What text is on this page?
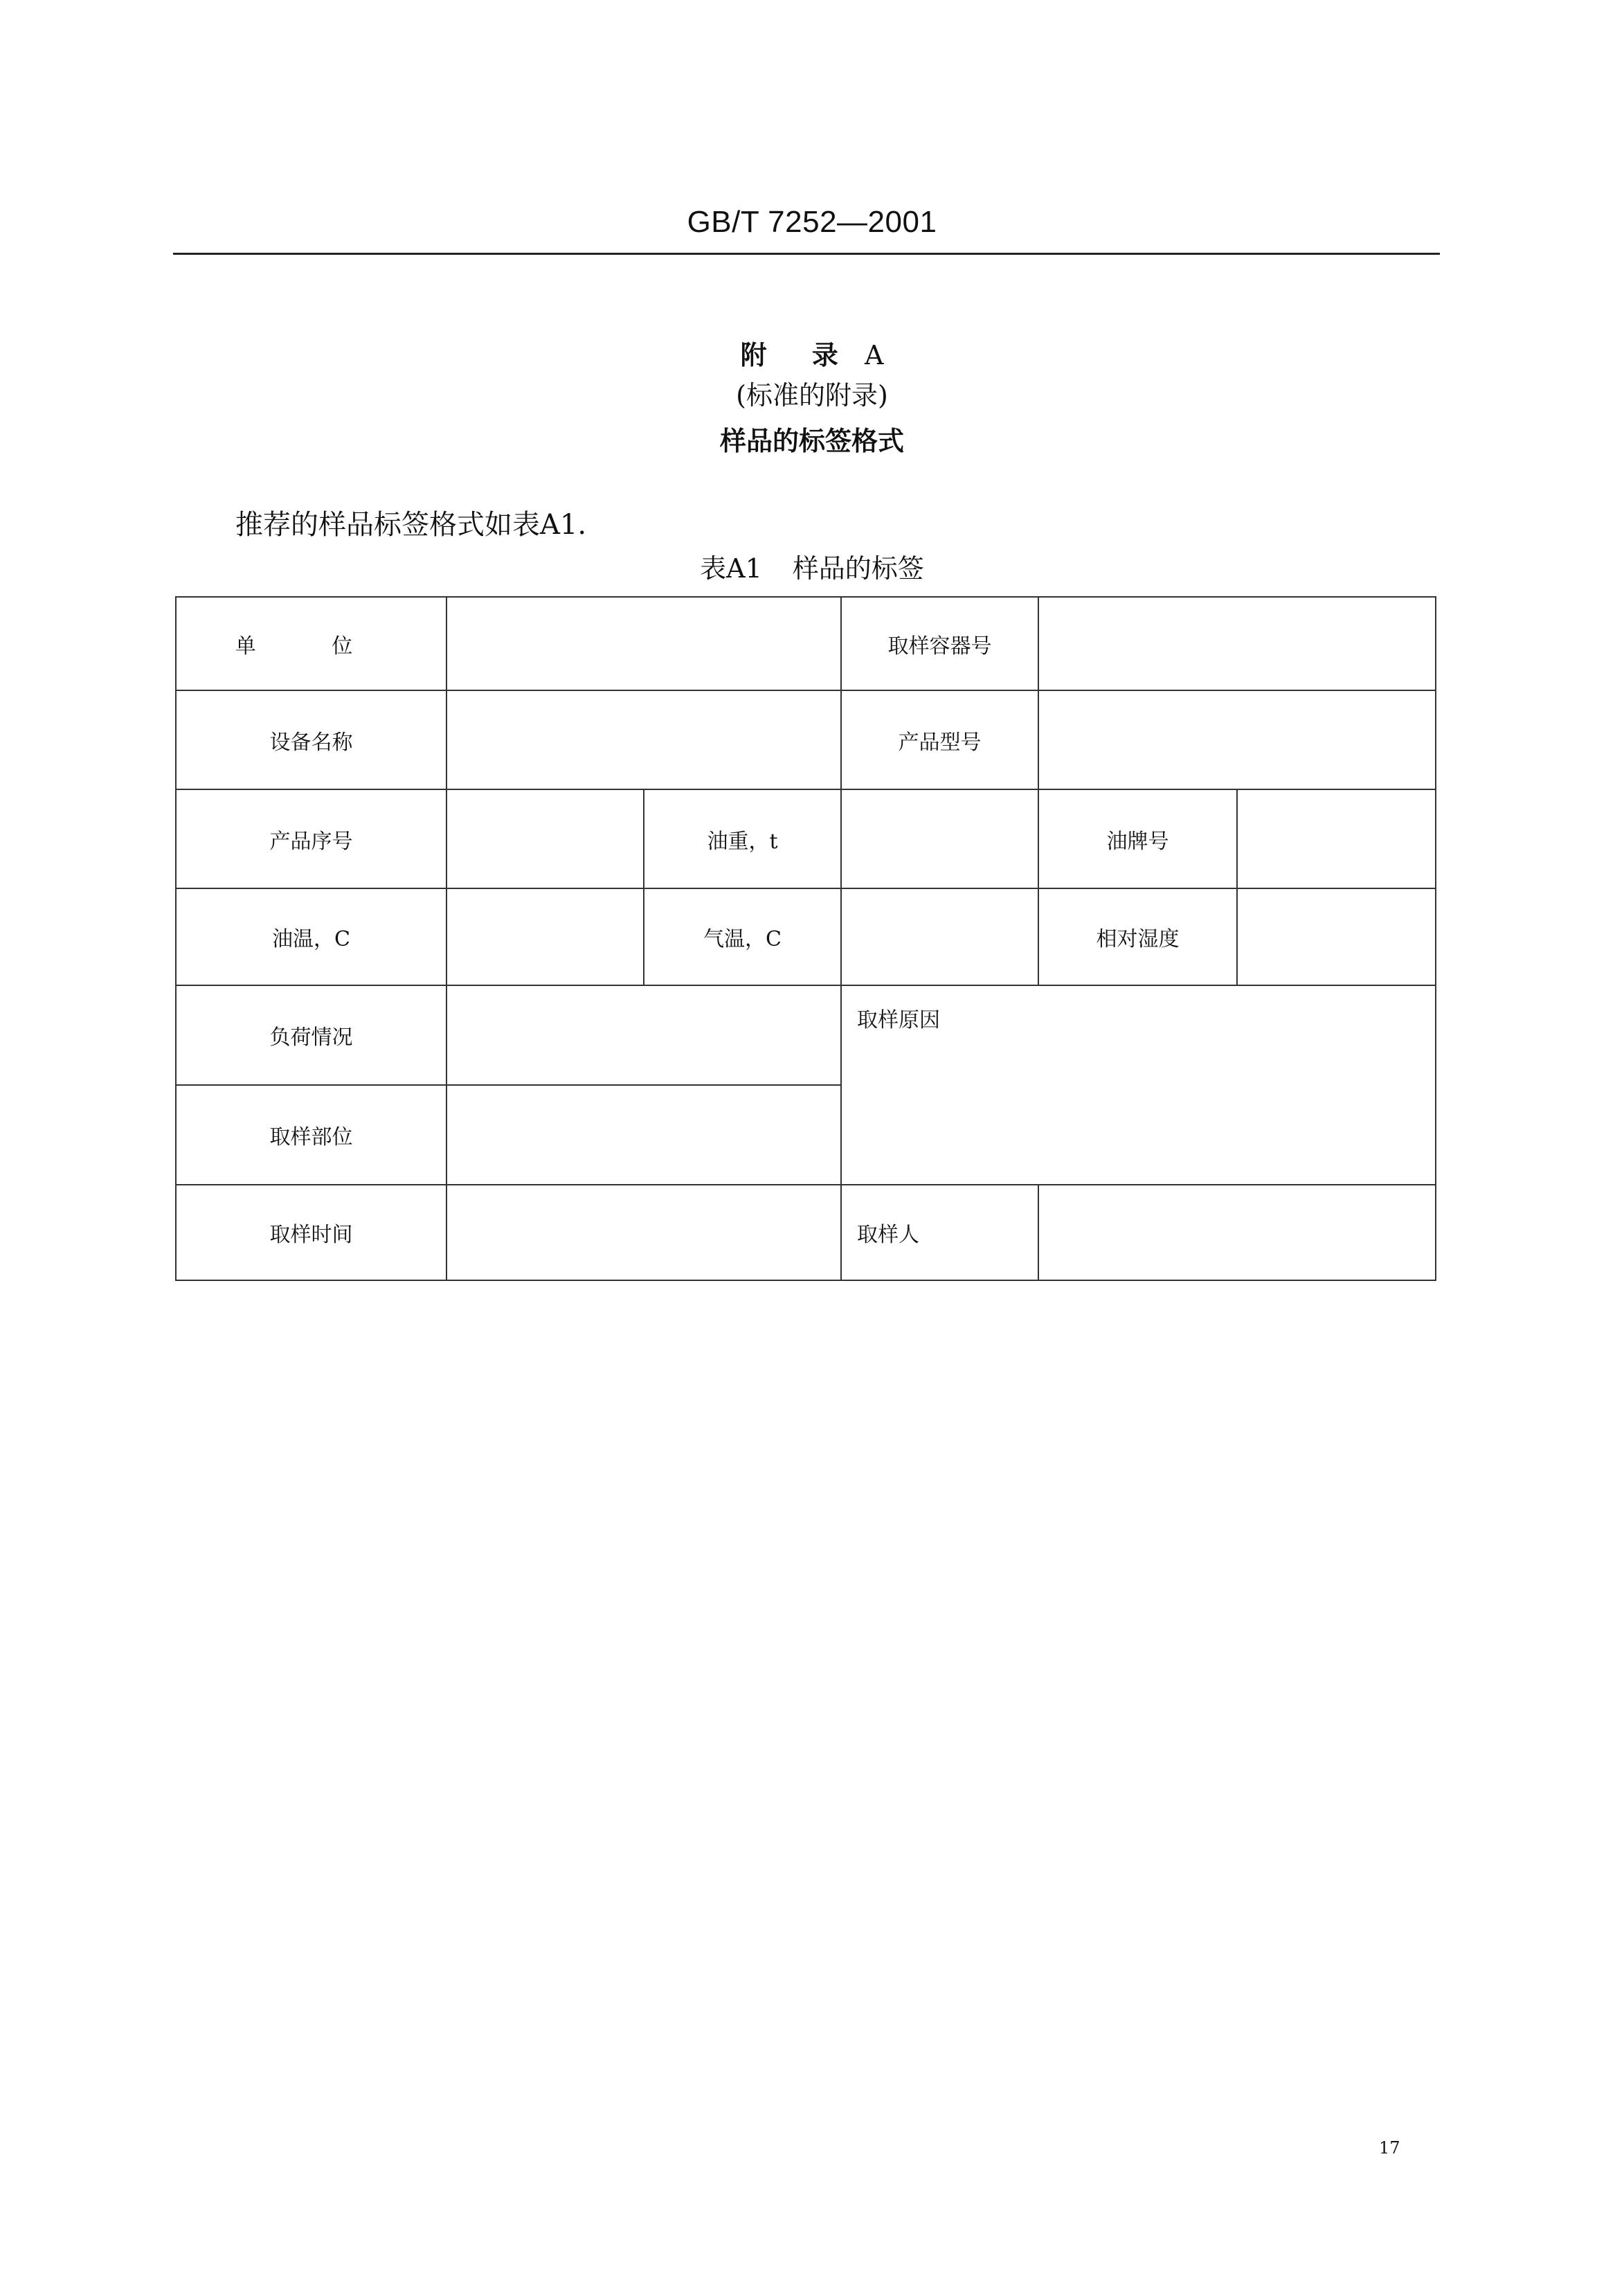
GB/T 7252—2001
附 录 A
(标准的附录)
样品的标签格式
推荐的样品标签格式如表A1.
表A1 样品的标签
单 位			取样容器号		
设备名称			产品型号		
产品序号		油重，t		油牌号	
油温，C		气温，C		相对湿度	
负荷情况			取样原因		
取样部位					
取样时间			取样人		
17
